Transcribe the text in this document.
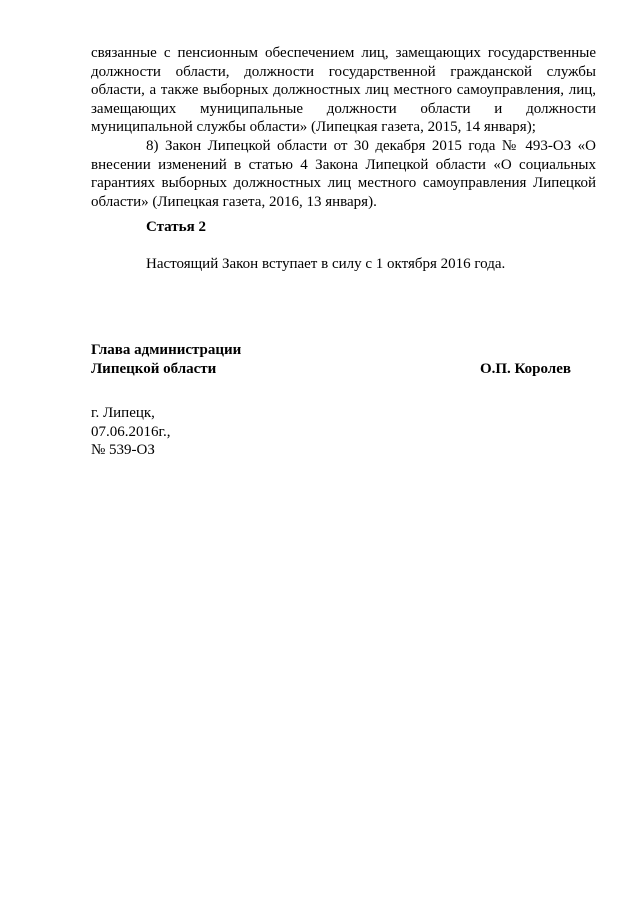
связанные с пенсионным обеспечением лиц, замещающих государственные должности области, должности государственной гражданской службы области, а также выборных должностных лиц местного самоуправления, лиц, замещающих муниципальные должности области и должности муниципальной службы области» (Липецкая газета, 2015, 14 января);

8) Закон Липецкой области от 30 декабря 2015 года № 493-ОЗ «О внесении изменений в статью 4 Закона Липецкой области «О социальных гарантиях выборных должностных лиц местного самоуправления Липецкой области» (Липецкая газета, 2016, 13 января).

Статья 2

Настоящий Закон вступает в силу с 1 октября 2016 года.

Глава администрации
Липецкой области	О.П. Королев
г. Липецк,
07.06.2016г.,
№ 539-ОЗ
